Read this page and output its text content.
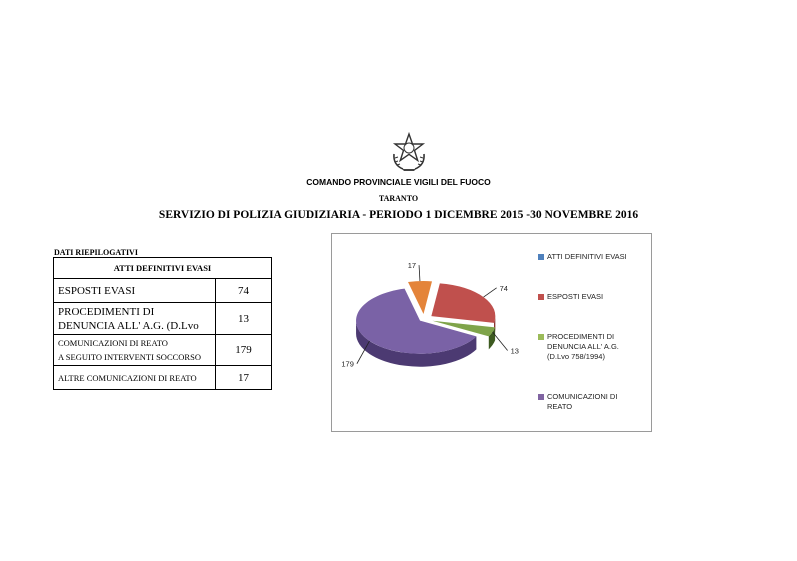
COMANDO PROVINCIALE VIGILI DEL FUOCO
TARANTO
SERVIZIO DI POLIZIA GIUDIZIARIA - PERIODO 1 DICEMBRE 2015 -30 NOVEMBRE 2016
DATI RIEPILOGATIVI
ATTI DEFINITIVI EVASI	
ESPOSTI EVASI	74

PROCEDIMENTI DI DENUNCIA ALL' A.G. (D.Lvo	13

COMUNICAZIONI DI REATO
A SEGUITO INTERVENTI SOCCORSO	179
ALTRE COMUNICAZIONI DI REATO	17
74
13
179
17
ATTI DEFINITIVI EVASI
ESPOSTI EVASI
PROCEDIMENTI DI
DENUNCIA ALL' A.G.
(D.Lvo 758/1994)
COMUNICAZIONI DI
REATO
